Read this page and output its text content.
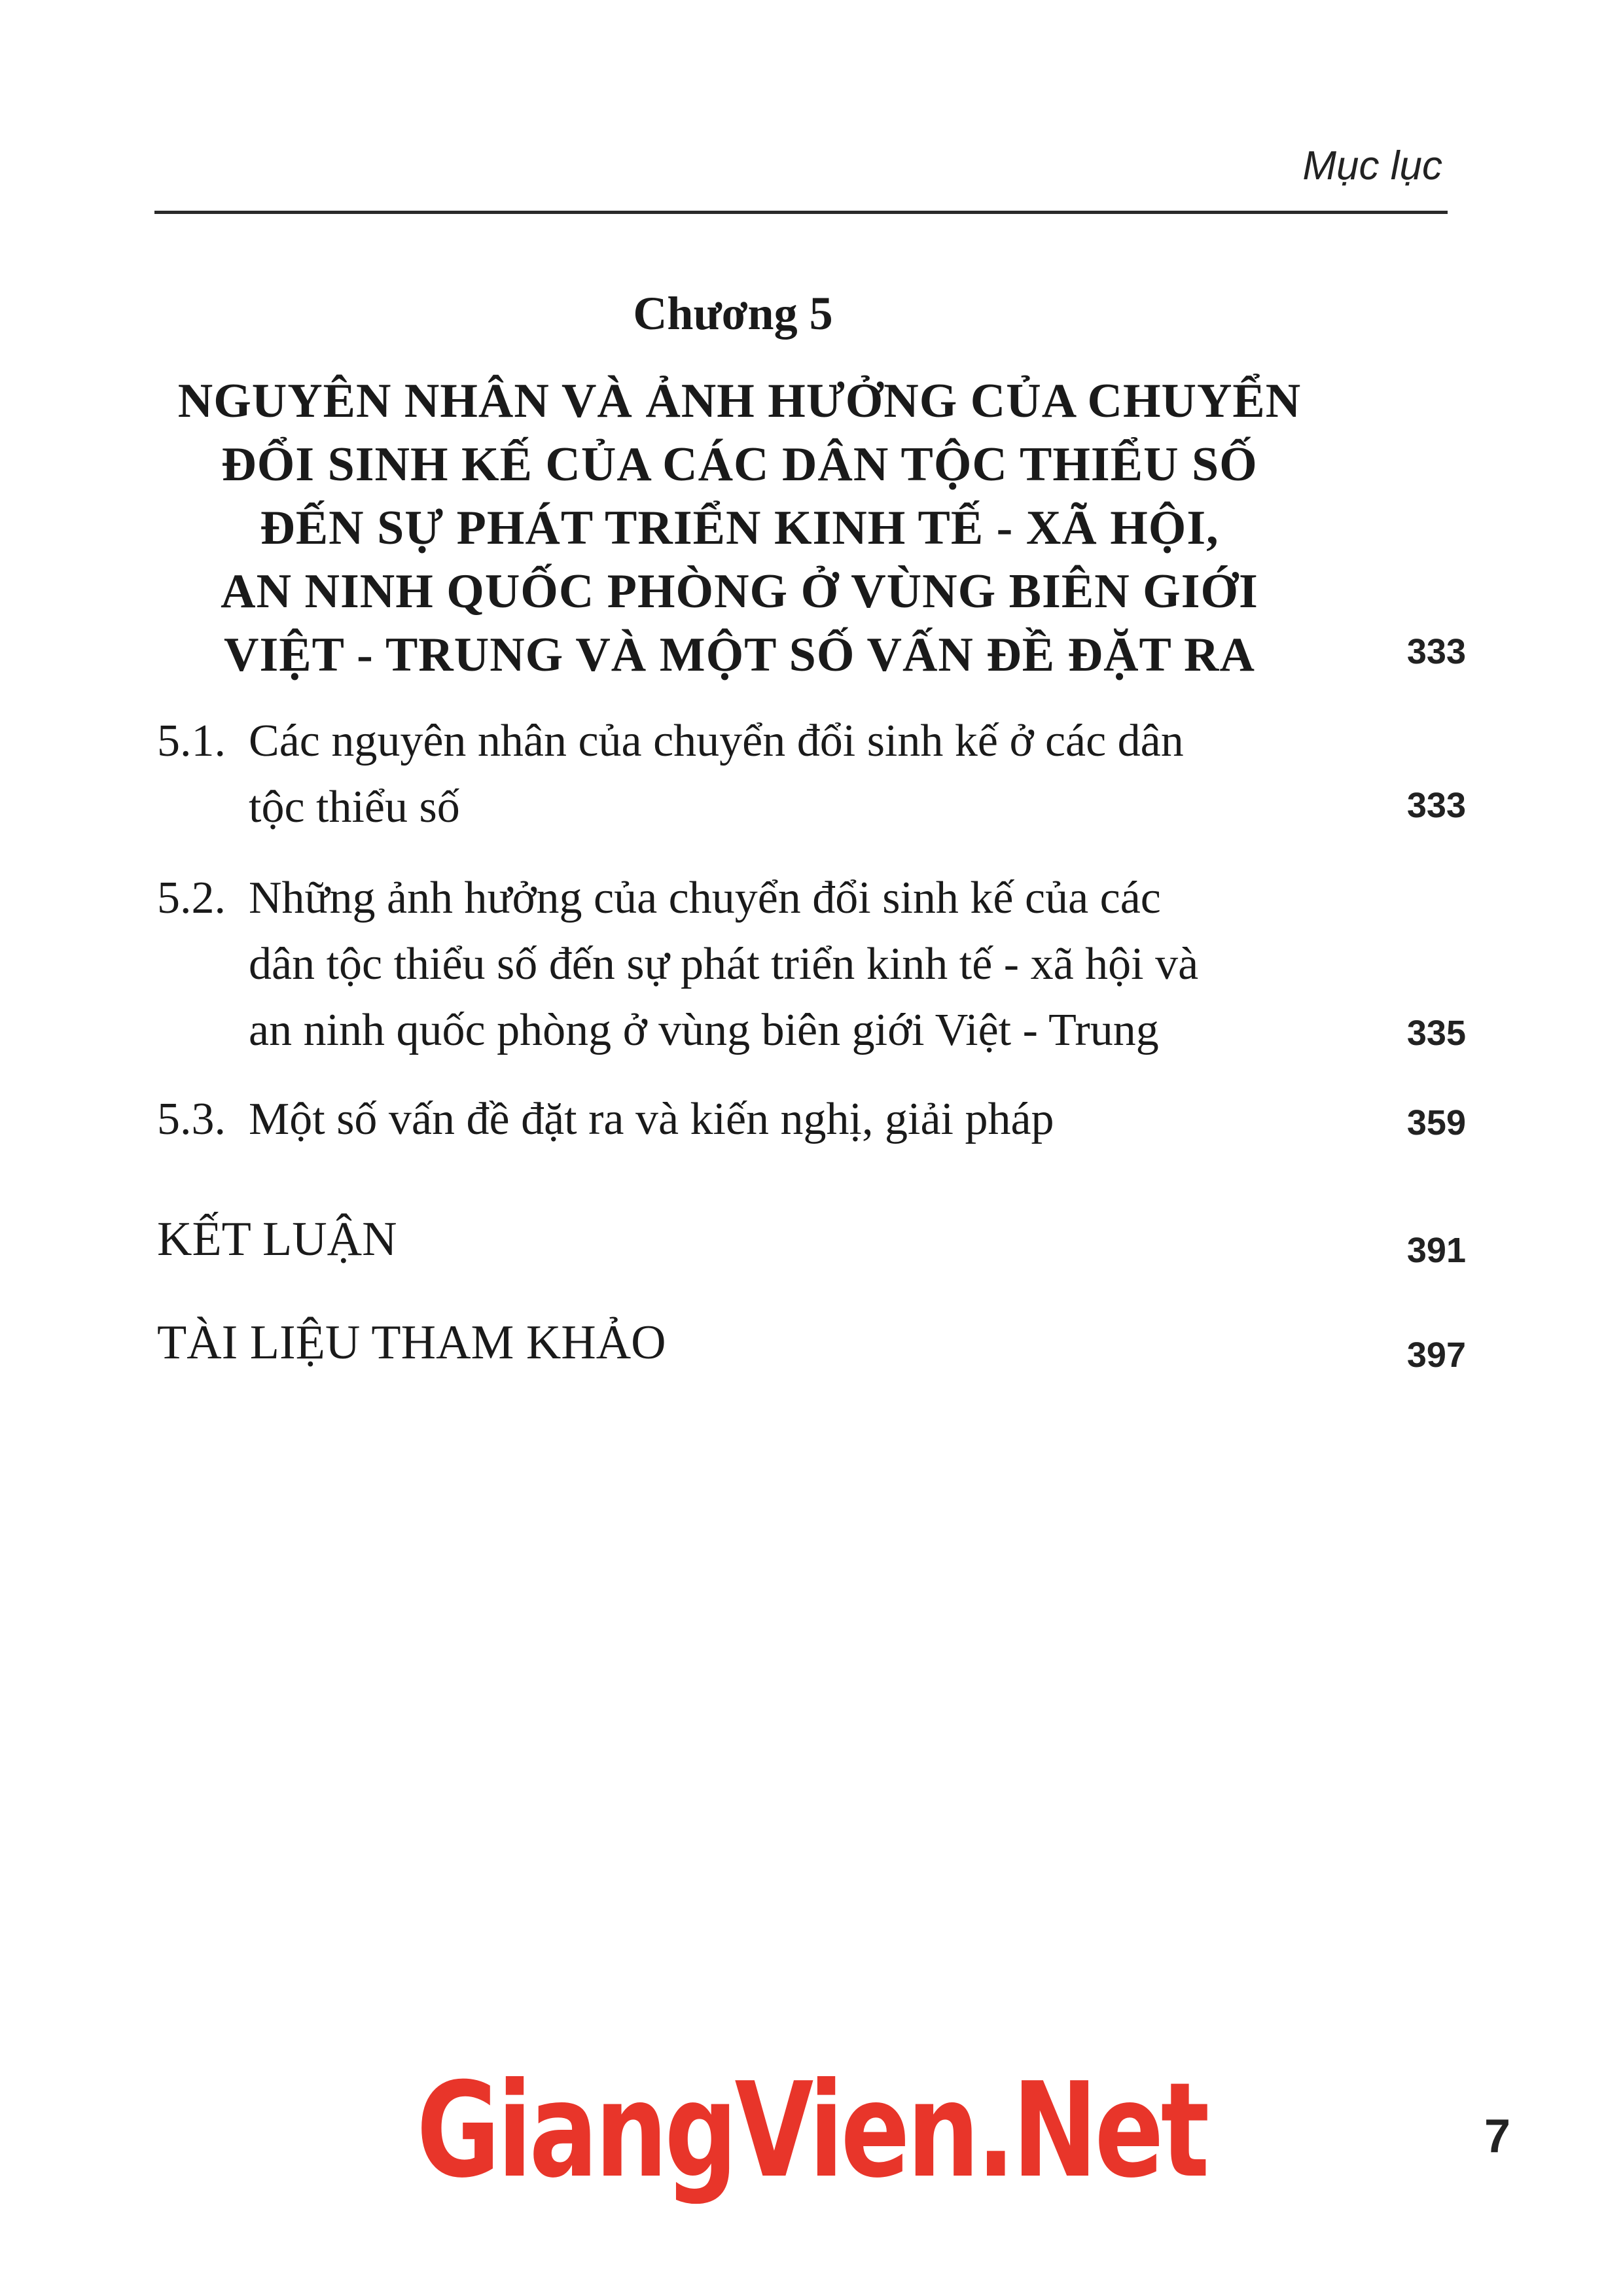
Mục lục
Chương 5
NGUYÊN NHÂN VÀ ẢNH HƯỞNG CỦA CHUYỂN
ĐỔI SINH KẾ CỦA CÁC DÂN TỘC THIỂU SỐ
ĐẾN SỰ PHÁT TRIỂN KINH TẾ - XÃ HỘI,
AN NINH QUỐC PHÒNG Ở VÙNG BIÊN GIỚI
VIỆT - TRUNG VÀ MỘT SỐ VẤN ĐỀ ĐẶT RA	333
5.1. Các nguyên nhân của chuyển đổi sinh kế ở các dân
tộc thiểu số	333
5.2. Những ảnh hưởng của chuyển đổi sinh kế của các
dân tộc thiểu số đến sự phát triển kinh tế - xã hội và
an ninh quốc phòng ở vùng biên giới Việt - Trung	335
5.3. Một số vấn đề đặt ra và kiến nghị, giải pháp	359
KẾT LUẬN	391
TÀI LIỆU THAM KHẢO	397
GiangVien.Net	7
